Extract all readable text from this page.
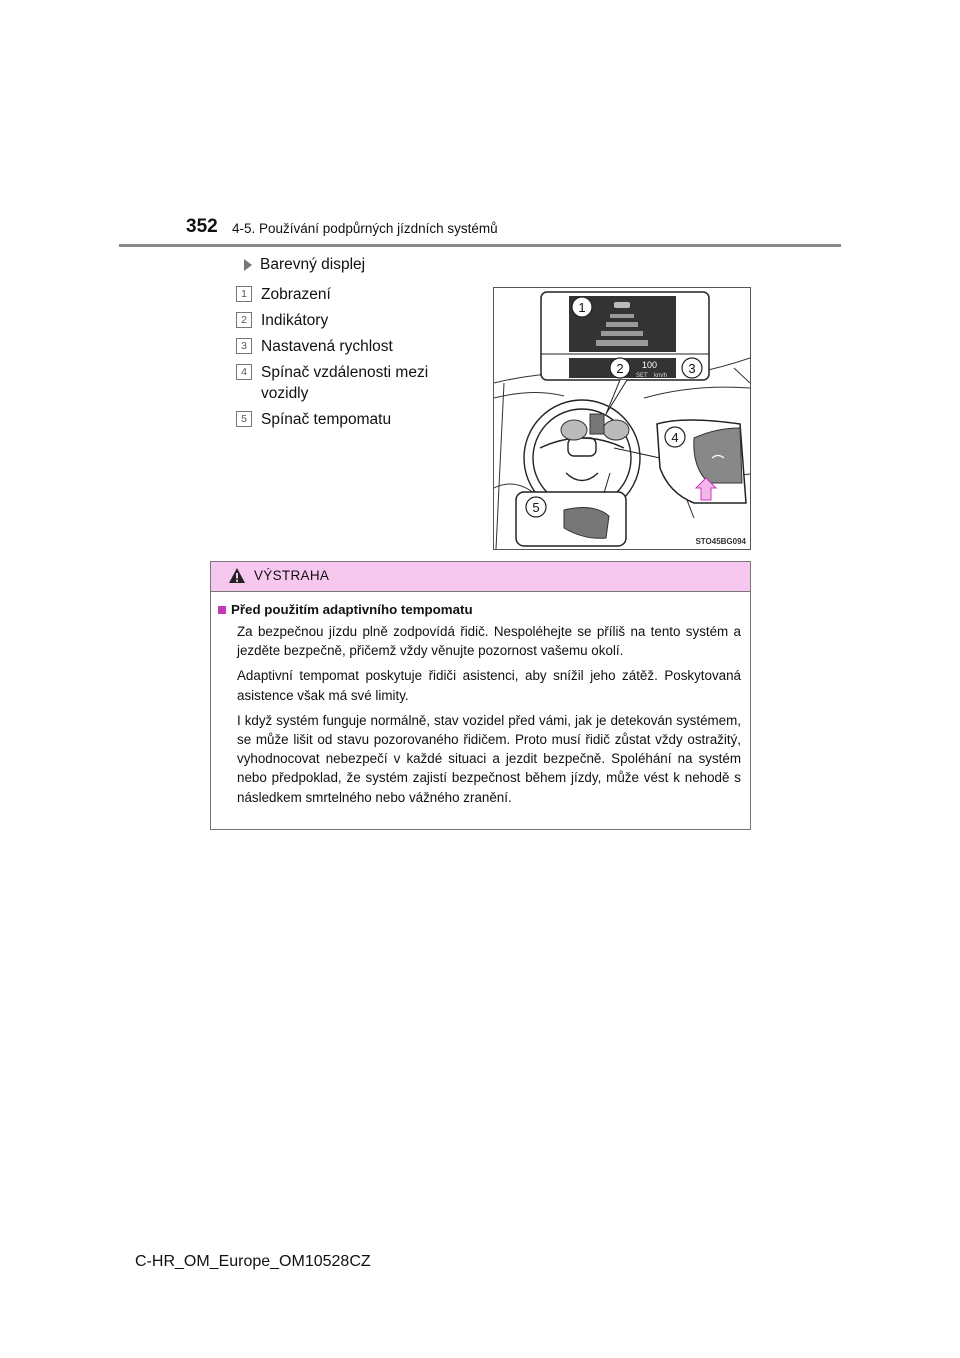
352 4-5. Používání podpůrných jízdních systémů
Barevný displej
1 Zobrazení
2 Indikátory
3 Nastavená rychlost
4 Spínač vzdálenosti mezi vozidly
5 Spínač tempomatu
100
SET km/h
1
2	3
4
5
STO45BG094
VÝSTRAHA
Před použitím adaptivního tempomatu

Za bezpečnou jízdu plně zodpovídá řidič. Nespoléhejte se příliš na tento systém a jezděte bezpečně, přičemž vždy věnujte pozornost vašemu okolí.

Adaptivní tempomat poskytuje řidiči asistenci, aby snížil jeho zátěž. Poskytovaná asistence však má své limity.

I když systém funguje normálně, stav vozidel před vámi, jak je detekován systémem, se může lišit od stavu pozorovaného řidičem. Proto musí řidič zůstat vždy ostražitý, vyhodnocovat nebezpečí v každé situaci a jezdit bezpečně. Spoléhání na systém nebo předpoklad, že systém zajistí bezpečnost během jízdy, může vést k nehodě s následkem smrtelného nebo vážného zranění.

C-HR_OM_Europe_OM10528CZ
